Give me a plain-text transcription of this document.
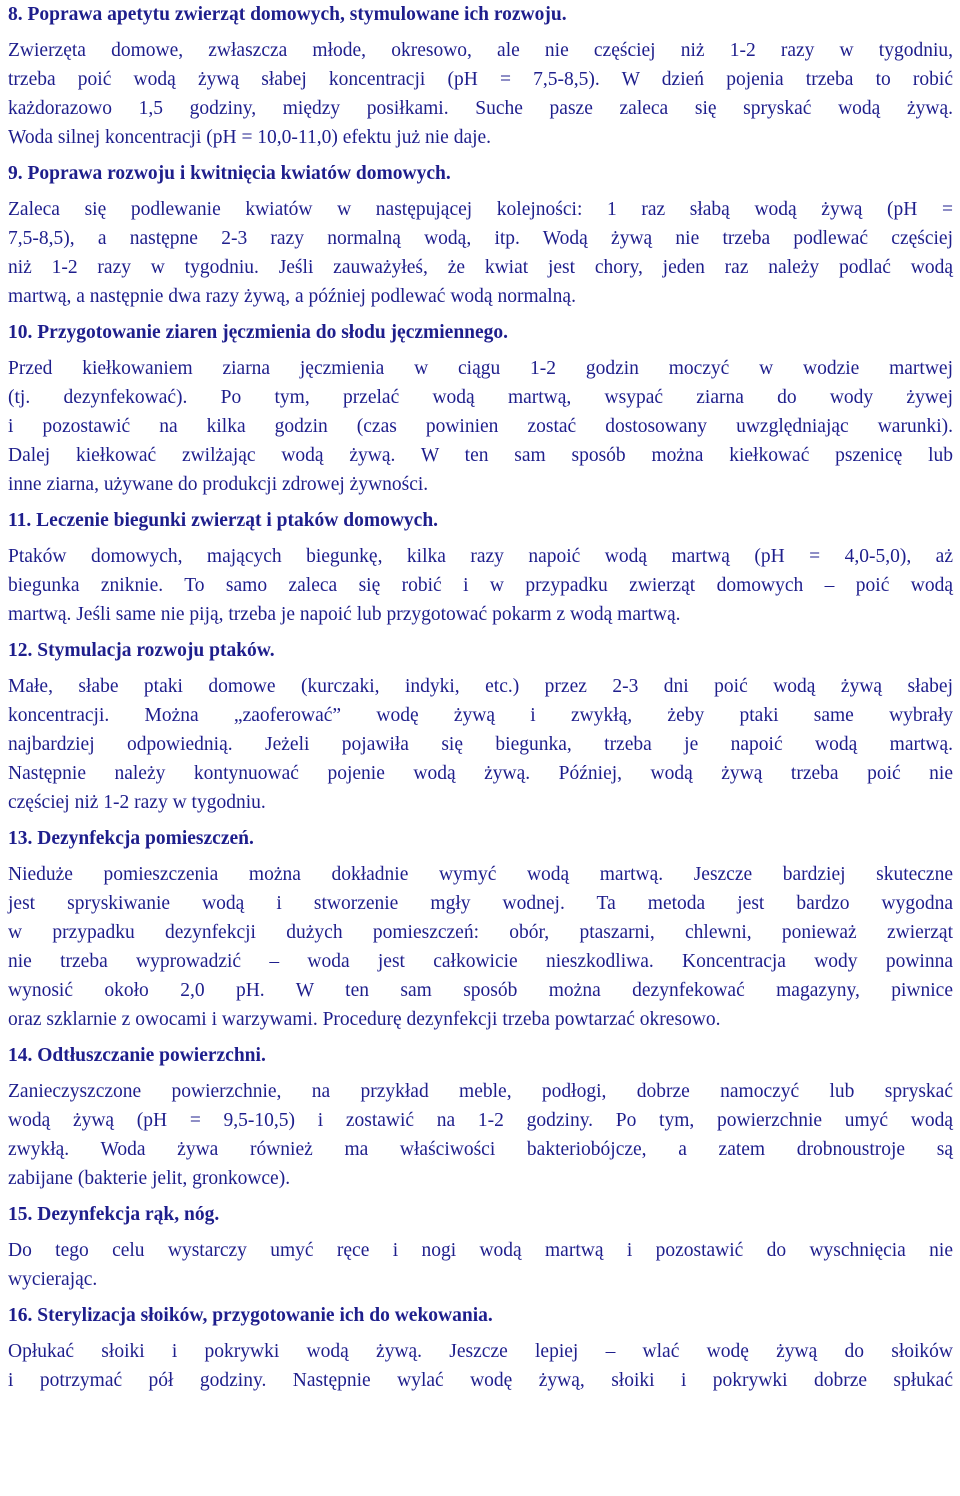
8. Poprawa apetytu zwierząt domowych, stymulowane ich rozwoju.
Zwierzęta domowe, zwłaszcza młode, okresowo, ale nie częściej niż 1-2 razy w tygodniu,
trzeba poić wodą żywą słabej koncentracji (pH = 7,5-8,5). W dzień pojenia trzeba to robić
każdorazowo 1,5 godziny, między posiłkami. Suche pasze zaleca się spryskać wodą żywą.
Woda silnej koncentracji (pH = 10,0-11,0) efektu już nie daje.
9. Poprawa rozwoju i kwitnięcia kwiatów domowych.
Zaleca się podlewanie kwiatów w następującej kolejności: 1 raz słabą wodą żywą (pH =
7,5-8,5), a następne 2-3 razy normalną wodą, itp. Wodą żywą nie trzeba podlewać częściej
niż 1-2 razy w tygodniu. Jeśli zauważyłeś, że kwiat jest chory, jeden raz należy podlać wodą
martwą, a następnie dwa razy żywą, a później podlewać wodą normalną.
10. Przygotowanie ziaren jęczmienia do słodu jęczmiennego.
Przed kiełkowaniem ziarna jęczmienia w ciągu 1-2 godzin moczyć w wodzie martwej
(tj. dezynfekować). Po tym, przelać wodą martwą, wsypać ziarna do wody żywej
i pozostawić na kilka godzin (czas powinien zostać dostosowany uwzględniając warunki).
Dalej kiełkować zwilżając wodą żywą. W ten sam sposób można kiełkować pszenicę lub
inne ziarna, używane do produkcji zdrowej żywności.
11. Leczenie biegunki zwierząt i ptaków domowych.
Ptaków domowych, mających biegunkę, kilka razy napoić wodą martwą (pH = 4,0-5,0), aż
biegunka zniknie. To samo zaleca się robić i w przypadku zwierząt domowych – poić wodą
martwą. Jeśli same nie piją, trzeba je napoić lub przygotować pokarm z wodą martwą.
12. Stymulacja rozwoju ptaków.
Małe, słabe ptaki domowe (kurczaki, indyki, etc.) przez 2-3 dni poić wodą żywą słabej
koncentracji. Można „zaoferować” wodę żywą i zwykłą, żeby ptaki same wybrały
najbardziej odpowiednią. Jeżeli pojawiła się biegunka, trzeba je napoić wodą martwą.
Następnie należy kontynuować pojenie wodą żywą. Później, wodą żywą trzeba poić nie
częściej niż 1-2 razy w tygodniu.
13. Dezynfekcja pomieszczeń.
Nieduże pomieszczenia można dokładnie wymyć wodą martwą. Jeszcze bardziej skuteczne
jest spryskiwanie wodą i stworzenie mgły wodnej. Ta metoda jest bardzo wygodna
w przypadku dezynfekcji dużych pomieszczeń: obór, ptaszarni, chlewni, ponieważ zwierząt
nie trzeba wyprowadzić – woda jest całkowicie nieszkodliwa. Koncentracja wody powinna
wynosić około 2,0 pH. W ten sam sposób można dezynfekować magazyny, piwnice
oraz szklarnie z owocami i warzywami. Procedurę dezynfekcji trzeba powtarzać okresowo.
14. Odtłuszczanie powierzchni.
Zanieczyszczone powierzchnie, na przykład meble, podłogi, dobrze namoczyć lub spryskać
wodą żywą (pH = 9,5-10,5) i zostawić na 1-2 godziny. Po tym, powierzchnie umyć wodą
zwykłą. Woda żywa również ma właściwości bakteriobójcze, a zatem drobnoustroje są
zabijane (bakterie jelit, gronkowce).
15. Dezynfekcja rąk, nóg.
Do tego celu wystarczy umyć ręce i nogi wodą martwą i pozostawić do wyschnięcia nie
wycierając.
16. Sterylizacja słoików, przygotowanie ich do wekowania.
Opłukać słoiki i pokrywki wodą żywą. Jeszcze lepiej – wlać wodę żywą do słoików
i potrzymać pół godziny. Następnie wylać wodę żywą, słoiki i pokrywki dobrze spłukać
